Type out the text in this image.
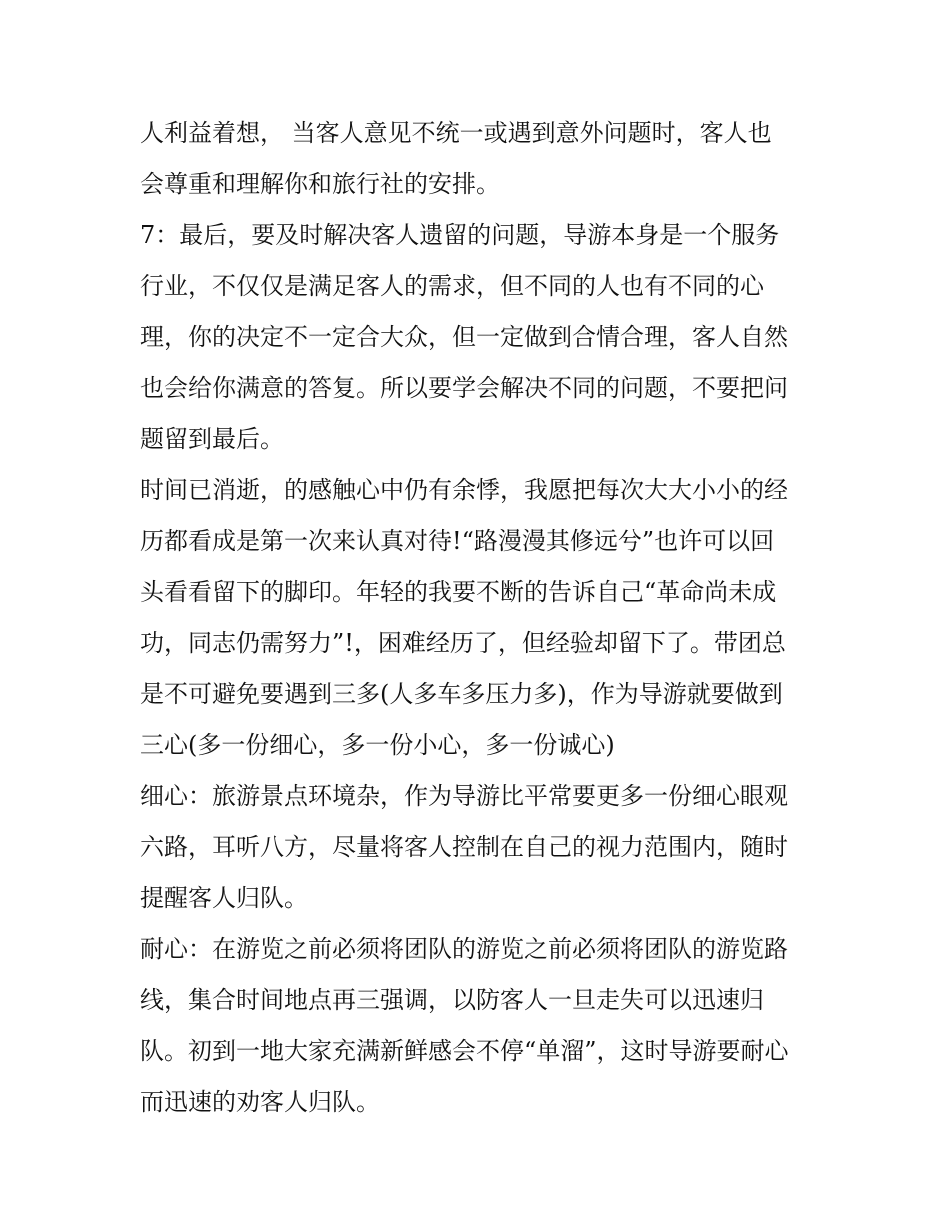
人利益着想， 当客人意见不统一或遇到意外问题时，客人也
会尊重和理解你和旅行社的安排。
7：最后，要及时解决客人遗留的问题，导游本身是一个服务
行业，不仅仅是满足客人的需求，但不同的人也有不同的心
理，你的决定不一定合大众，但一定做到合情合理，客人自然
也会给你满意的答复。所以要学会解决不同的问题，不要把问
题留到最后。
时间已消逝，的感触心中仍有余悸，我愿把每次大大小小的经
历都看成是第一次来认真对待!“路漫漫其修远兮”也许可以回
头看看留下的脚印。年轻的我要不断的告诉自己“革命尚未成
功，同志仍需努力”!，困难经历了，但经验却留下了。带团总
是不可避免要遇到三多(人多车多压力多)，作为导游就要做到
三心(多一份细心，多一份小心，多一份诚心)
细心：旅游景点环境杂，作为导游比平常要更多一份细心眼观
六路，耳听八方，尽量将客人控制在自己的视力范围内，随时
提醒客人归队。
耐心：在游览之前必须将团队的游览之前必须将团队的游览路
线，集合时间地点再三强调，以防客人一旦走失可以迅速归
队。初到一地大家充满新鲜感会不停“单溜”，这时导游要耐心
而迅速的劝客人归队。
